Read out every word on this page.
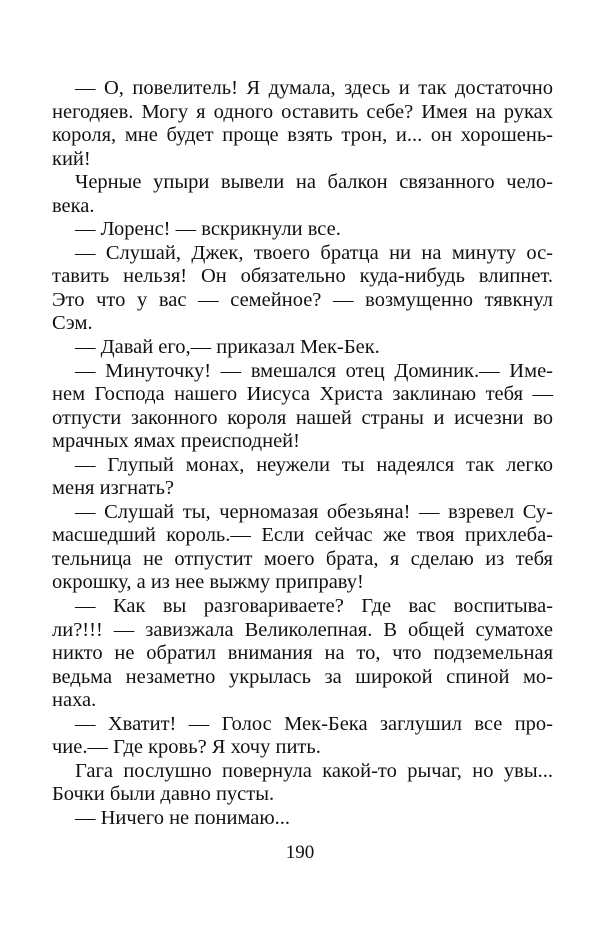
— О, повелитель! Я думала, здесь и так достаточно
негодяев. Могу я одного оставить себе? Имея на руках
короля, мне будет проще взять трон, и... он хорошень-
кий!
Черные упыри вывели на балкон связанного чело-
века.
— Лоренс! — вскрикнули все.
— Слушай, Джек, твоего братца ни на минуту ос-
тавить нельзя! Он обязательно куда-нибудь влипнет.
Это что у вас — семейное? — возмущенно тявкнул
Сэм.
— Давай его,— приказал Мек-Бек.
— Минуточку! — вмешался отец Доминик.— Име-
нем Господа нашего Иисуса Христа заклинаю тебя —
отпусти законного короля нашей страны и исчезни во
мрачных ямах преисподней!
— Глупый монах, неужели ты надеялся так легко
меня изгнать?
— Слушай ты, черномазая обезьяна! — взревел Су-
масшедший король.— Если сейчас же твоя прихлеба-
тельница не отпустит моего брата, я сделаю из тебя
окрошку, а из нее выжму приправу!
— Как вы разговариваете? Где вас воспитыва-
ли?!!! — завизжала Великолепная. В общей суматохе
никто не обратил внимания на то, что подземельная
ведьма незаметно укрылась за широкой спиной мо-
наха.
— Хватит! — Голос Мек-Бека заглушил все про-
чие.— Где кровь? Я хочу пить.
Гага послушно повернула какой-то рычаг, но увы...
Бочки были давно пусты.
— Ничего не понимаю...
190
